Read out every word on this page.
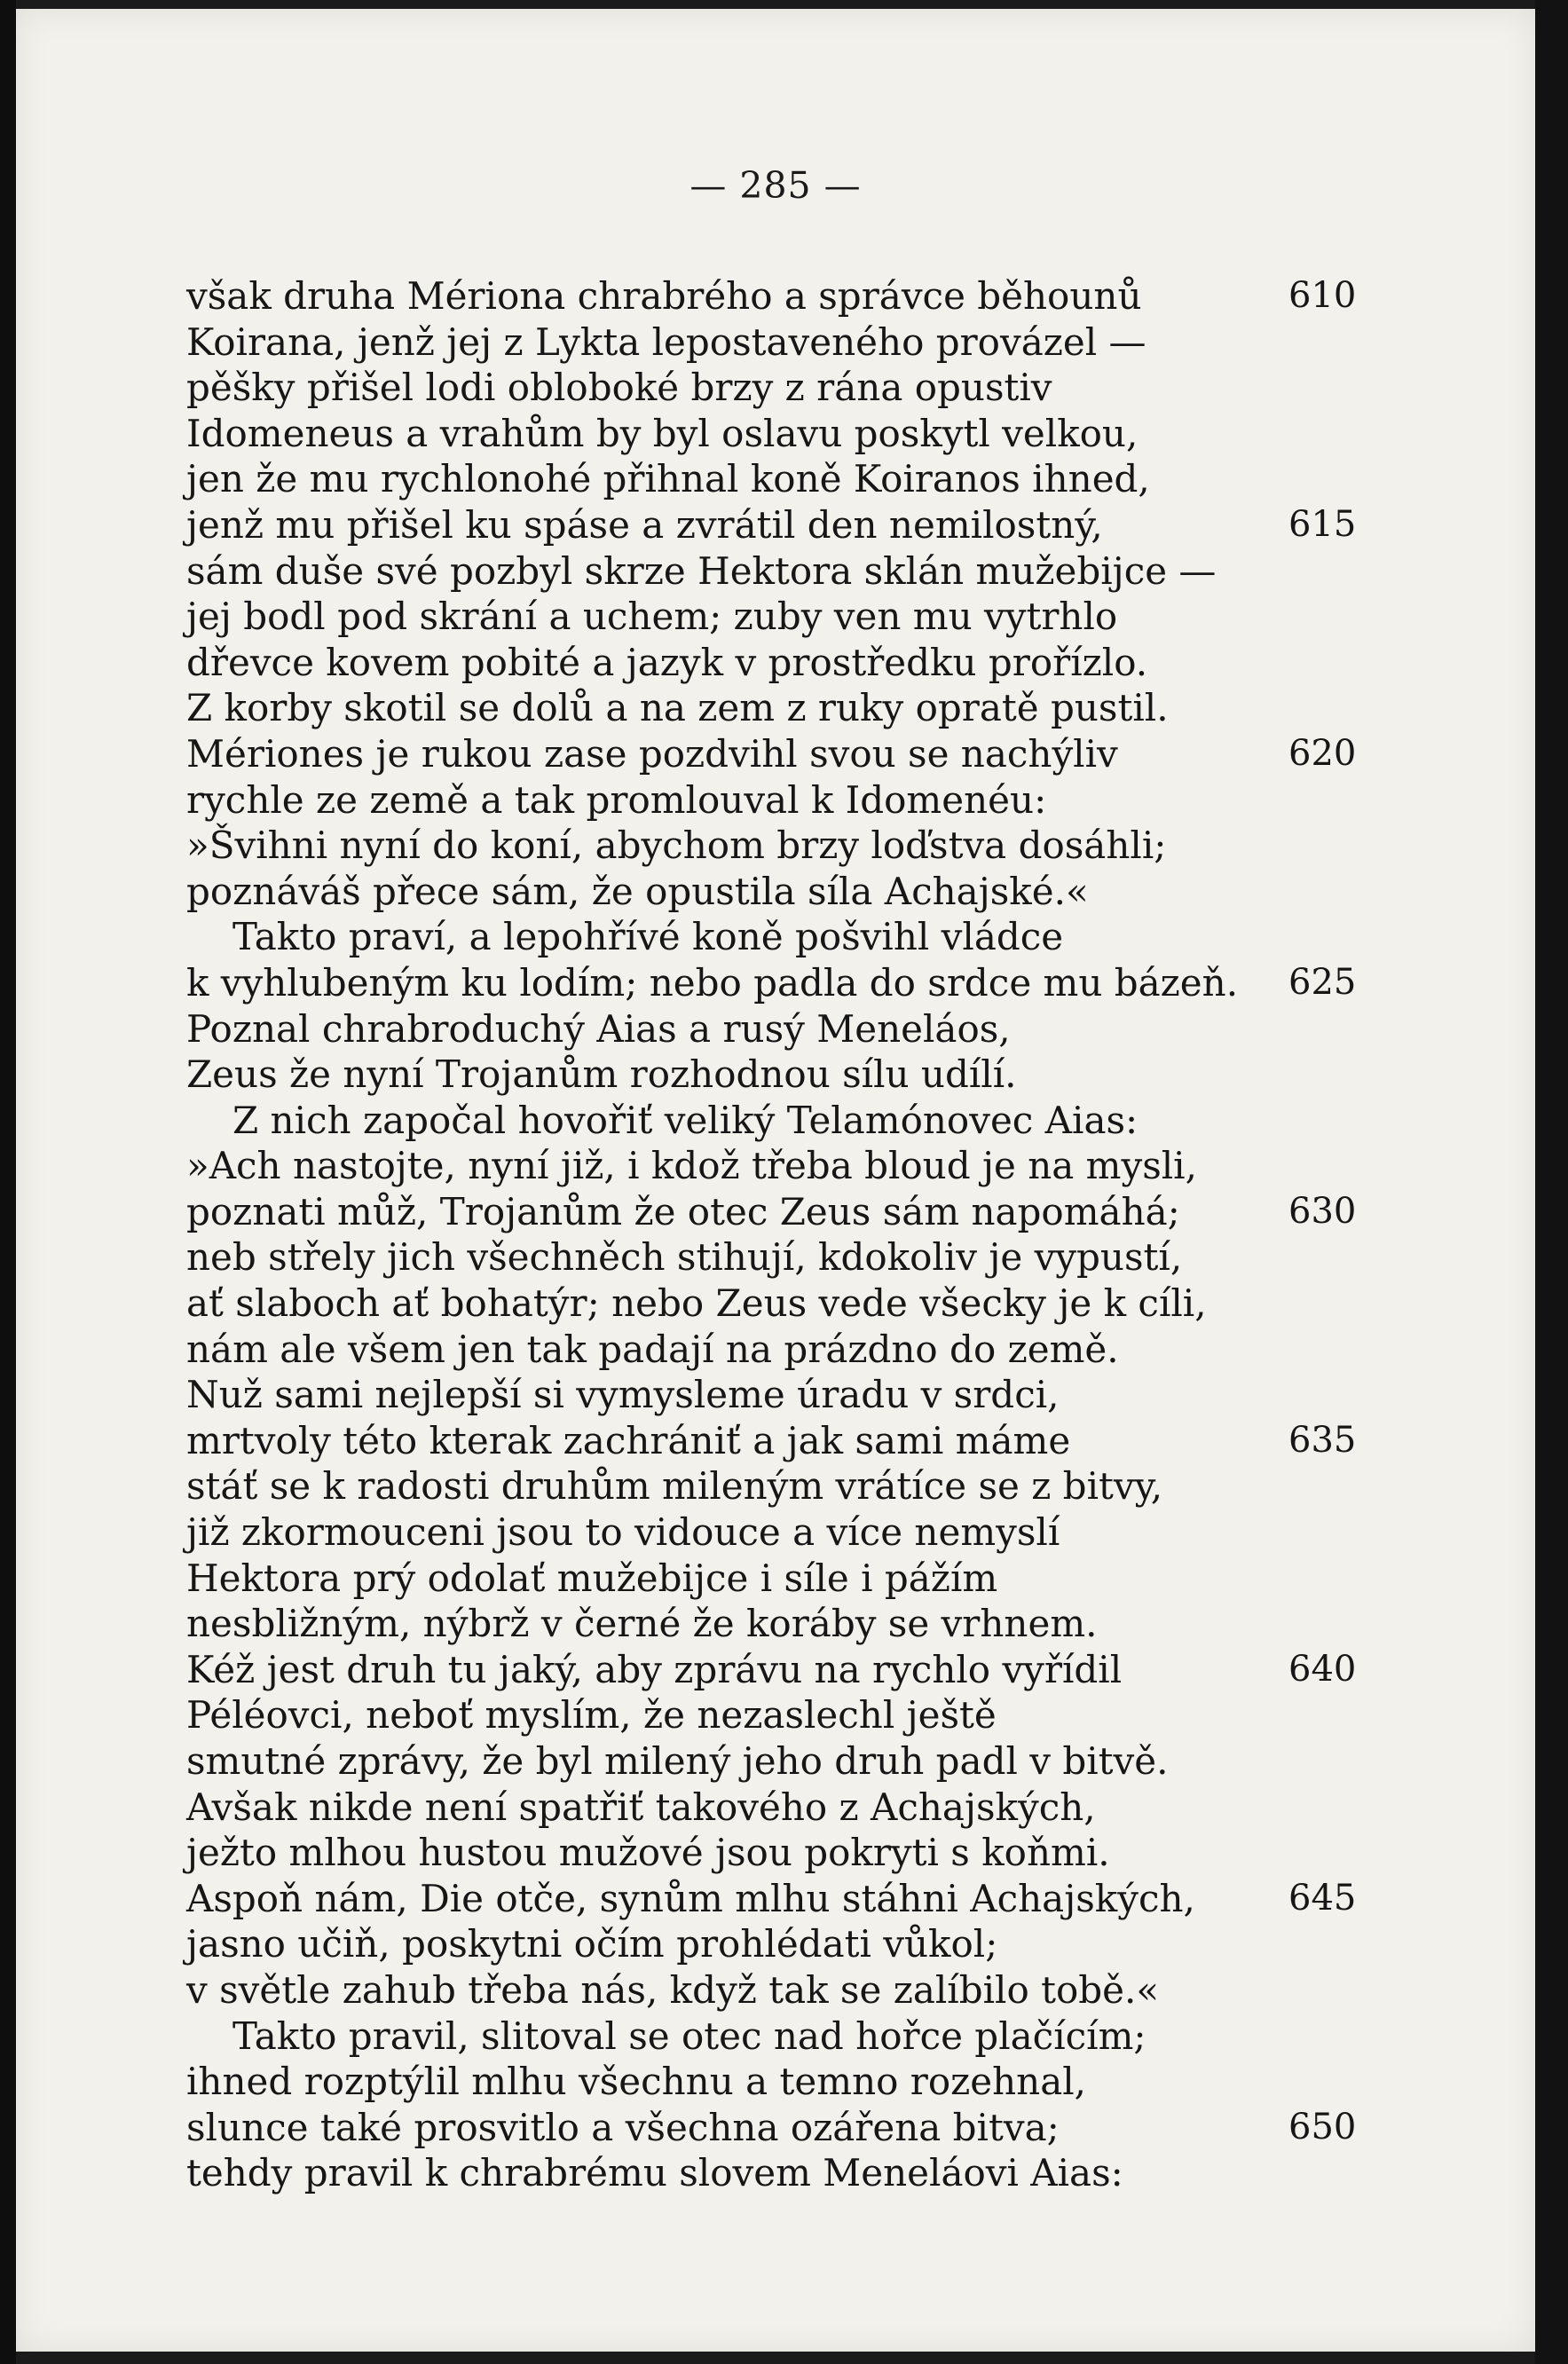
— 285 —
však druha Mériona chrabrého a správce běhounů	610
Koirana, jenž jej z Lykta lepostaveného provázel —
pěšky přišel lodi obloboké brzy z rána opustiv
Idomeneus a vrahům by byl oslavu poskytl velkou,
jen že mu rychlonohé přihnal koně Koiranos ihned,
jenž mu přišel ku spáse a zvrátil den nemilostný,	615
sám duše své pozbyl skrze Hektora sklán mužebijce —
jej bodl pod skrání a uchem; zuby ven mu vytrhlo
dřevce kovem pobité a jazyk v prostředku prořízlo.
Z korby skotil se dolů a na zem z ruky opratě pustil.
Mériones je rukou zase pozdvihl svou se nachýliv	620
rychle ze země a tak promlouval k Idomenéu:
»Švihni nyní do koní, abychom brzy loďstva dosáhli;
poznáváš přece sám, že opustila síla Achajské.«
Takto praví, a lepohřívé koně pošvihl vládce
k vyhlubeným ku lodím; nebo padla do srdce mu bázeň. 625
Poznal chrabroduchý Aias a rusý Meneláos,
Zeus že nyní Trojanům rozhodnou sílu udílí.
Z nich započal hovořiť veliký Telamónovec Aias:
»Ach nastojte, nyní již, i kdož třeba bloud je na mysli,
poznati můž, Trojanům že otec Zeus sám napomáhá;	630
neb střely jich všechněch stihují, kdokoliv je vypustí,
ať slaboch ať bohatýr; nebo Zeus vede všecky je k cíli,
nám ale všem jen tak padají na prázdno do země.
Nuž sami nejlepší si vymysleme úradu v srdci,
mrtvoly této kterak zachrániť a jak sami máme	635
stáť se k radosti druhům mileným vrátíce se z bitvy,
již zkormouceni jsou to vidouce a více nemyslí
Hektora prý odolať mužebijce i síle i pážím
nesbližným, nýbrž v černé že koráby se vrhnem.
Kéž jest druh tu jaký, aby zprávu na rychlo vyřídil	640
Péléovci, neboť myslím, že nezaslechl ještě
smutné zprávy, že byl milený jeho druh padl v bitvě.
Avšak nikde není spatřiť takového z Achajských,
ježto mlhou hustou mužové jsou pokryti s koňmi.
Aspoň nám, Die otče, synům mlhu stáhni Achajských,	645
jasno učiň, poskytni očím prohlédati vůkol;
v světle zahub třeba nás, když tak se zalíbilo tobě.«
Takto pravil, slitoval se otec nad hořce plačícím;
ihned rozptýlil mlhu všechnu a temno rozehnal,
slunce také prosvitlo a všechna ozářena bitva;	650
tehdy pravil k chrabrému slovem Meneláovi Aias:
